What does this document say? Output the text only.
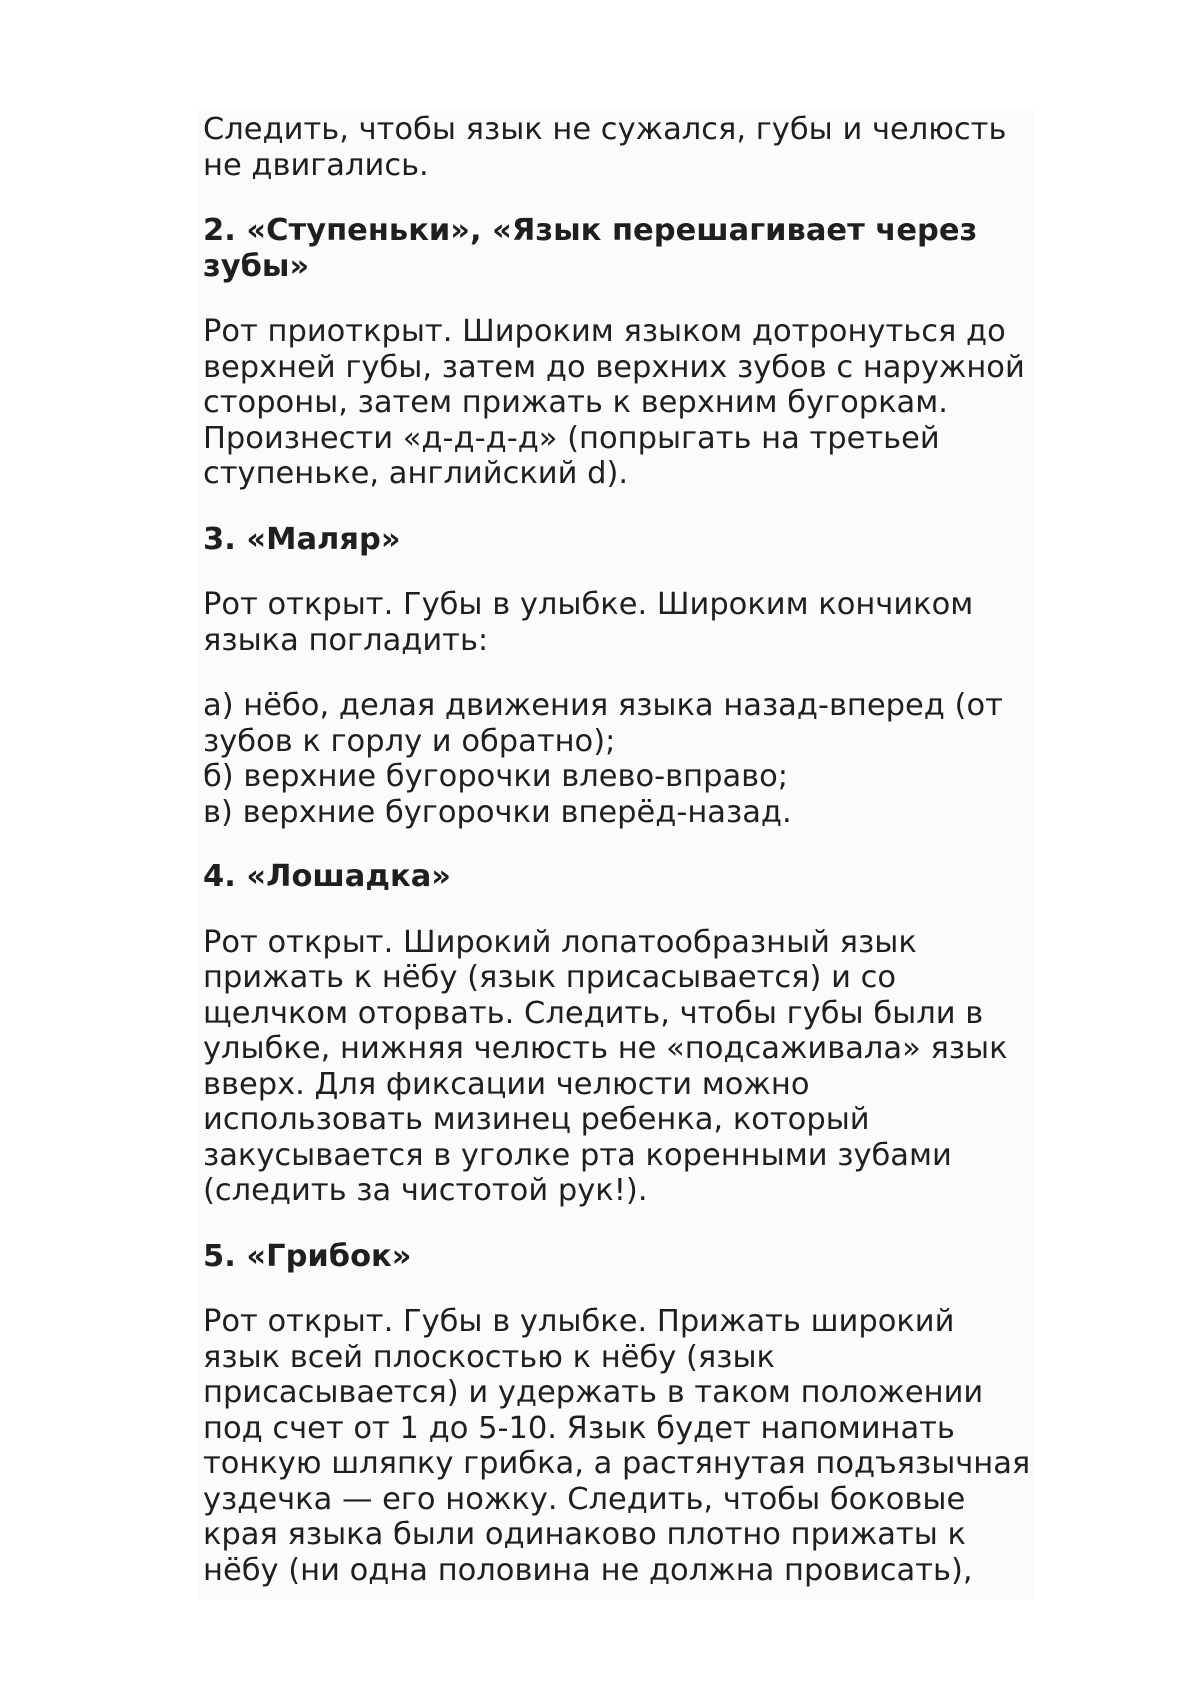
Следить, чтобы язык не сужался, губы и челюсть
не двигались.

2. «Ступеньки», «Язык перешагивает через
зубы»

Рот приоткрыт. Широким языком дотронуться до
верхней губы, затем до верхних зубов с наружной
стороны, затем прижать к верхним бугоркам.
Произнести «д-д-д-д» (попрыгать на третьей
ступеньке, английский d).

3. «Маляр»

Рот открыт. Губы в улыбке. Широким кончиком
языка погладить:

а) нёбо, делая движения языка назад-вперед (от
зубов к горлу и обратно);
б) верхние бугорочки влево-вправо;
в) верхние бугорочки вперёд-назад.

4. «Лошадка»

Рот открыт. Широкий лопатообразный язык
прижать к нёбу (язык присасывается) и со
щелчком оторвать. Следить, чтобы губы были в
улыбке, нижняя челюсть не «подсаживала» язык
вверх. Для фиксации челюсти можно
использовать мизинец ребенка, который
закусывается в уголке рта коренными зубами
(следить за чистотой рук!).

5. «Грибок»

Рот открыт. Губы в улыбке. Прижать широкий
язык всей плоскостью к нёбу (язык
присасывается) и удержать в таком положении
под счет от 1 до 5-10. Язык будет напоминать
тонкую шляпку грибка, а растянутая подъязычная
уздечка — его ножку. Следить, чтобы боковые
края языка были одинаково плотно прижаты к
нёбу (ни одна половина не должна провисать),
